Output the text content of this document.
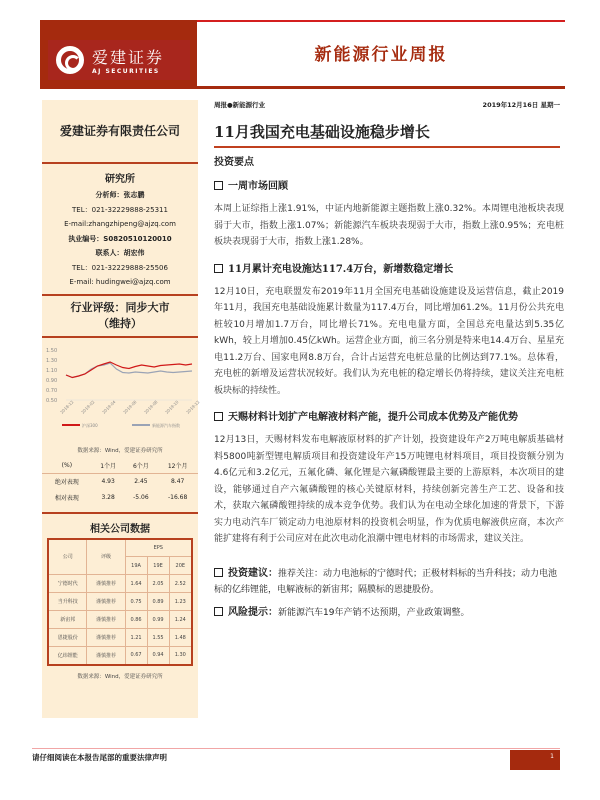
爱建证券
AJ SECURITIES
新能源行业周报
爱建证券有限责任公司
研究所
分析师：张志鹏
TEL：021-32229888-25311
E-mail:zhangzhipeng@ajzq.com
执业编号：S0820510120010
联系人：胡宏伟
TEL：021-32229888-25506
E-mail: hudingwei@ajzq.com
行业评级：同步大市
（维持）
1.50
1.30
1.10
0.90
0.70
0.50 2018-12 2019-02 2019-04 2019-06 2019-08 2019-10 2019-12
沪深300	新能源汽车指数
数据来源：Wind，爱建证券研究所
(%)	1个月	6个月	12个月
绝对表现	4.93	2.45	8.47
相对表现	3.28	-5.06	-16.68
相关公司数据
公司	评级	EPS		
		19A	19E	20E
宁德时代	谨慎推荐	1.64	2.05	2.52
当升科技	谨慎推荐	0.75	0.89	1.23
新宙邦	谨慎推荐	0.86	0.99	1.24
恩捷股份	谨慎推荐	1.21	1.55	1.48
亿纬锂能	谨慎推荐	0.67	0.94	1.30
数据来源：Wind，爱建证券研究所
周报●新能源行业	2019年12月16日 星期一
11月我国充电基础设施稳步增长
投资要点
一周市场回顾
本周上证综指上涨1.91%，中证内地新能源主题指数上涨0.32%。本周锂电池板块表现弱于大市，指数上涨1.07%；新能源汽车板块表现弱于大市，指数上涨0.95%；充电桩板块表现弱于大市，指数上涨1.28%。
11月累计充电设施达117.4万台，新增数稳定增长
12月10日，充电联盟发布2019年11月全国充电基础设施建设及运营信息，截止2019年11月，我国充电基础设施累计数量为117.4万台，同比增加61.2%。11月份公共充电桩较10月增加1.7万台，同比增长71%。充电电量方面，全国总充电量达到5.35亿kWh，较上月增加0.45亿kWh。运营企业方面，前三名分别是特来电14.4万台、星星充电11.2万台、国家电网8.8万台，合计占运营充电桩总量的比例达到77.1%。总体看，充电桩的新增及运营状况较好。我们认为充电桩的稳定增长仍将持续，建议关注充电桩板块标的持续性。
天赐材料计划扩产电解液材料产能，提升公司成本优势及产能优势
12月13日，天赐材料发布电解液原材料的扩产计划，投资建设年产2万吨电解质基础材料5800吨新型锂电解质项目和投资建设年产15万吨锂电材料项目，项目投资额分别为4.6亿元和3.2亿元，五氟化磷、氟化锂是六氟磷酸锂最主要的上游原料，本次项目的建设，能够通过自产六氟磷酸锂的核心关键原材料，持续创新完善生产工艺、设备和技术，获取六氟磷酸锂持续的成本竞争优势。我们认为在电动全球化加速的背景下，下游实力电动汽车厂锁定动力电池原材料的投资机会明显，作为优质电解液供应商，本次产能扩建将有利于公司应对在此次电动化浪潮中锂电材料的市场需求，建议关注。
投资建议：推荐关注：动力电池标的宁德时代；正极材料标的当升科技；动力电池标的亿纬锂能，电解液标的新宙邦；隔膜标的恩捷股份。
风险提示：新能源汽车19年产销不达预期，产业政策调整。
请仔细阅读在本报告尾部的重要法律声明	1
